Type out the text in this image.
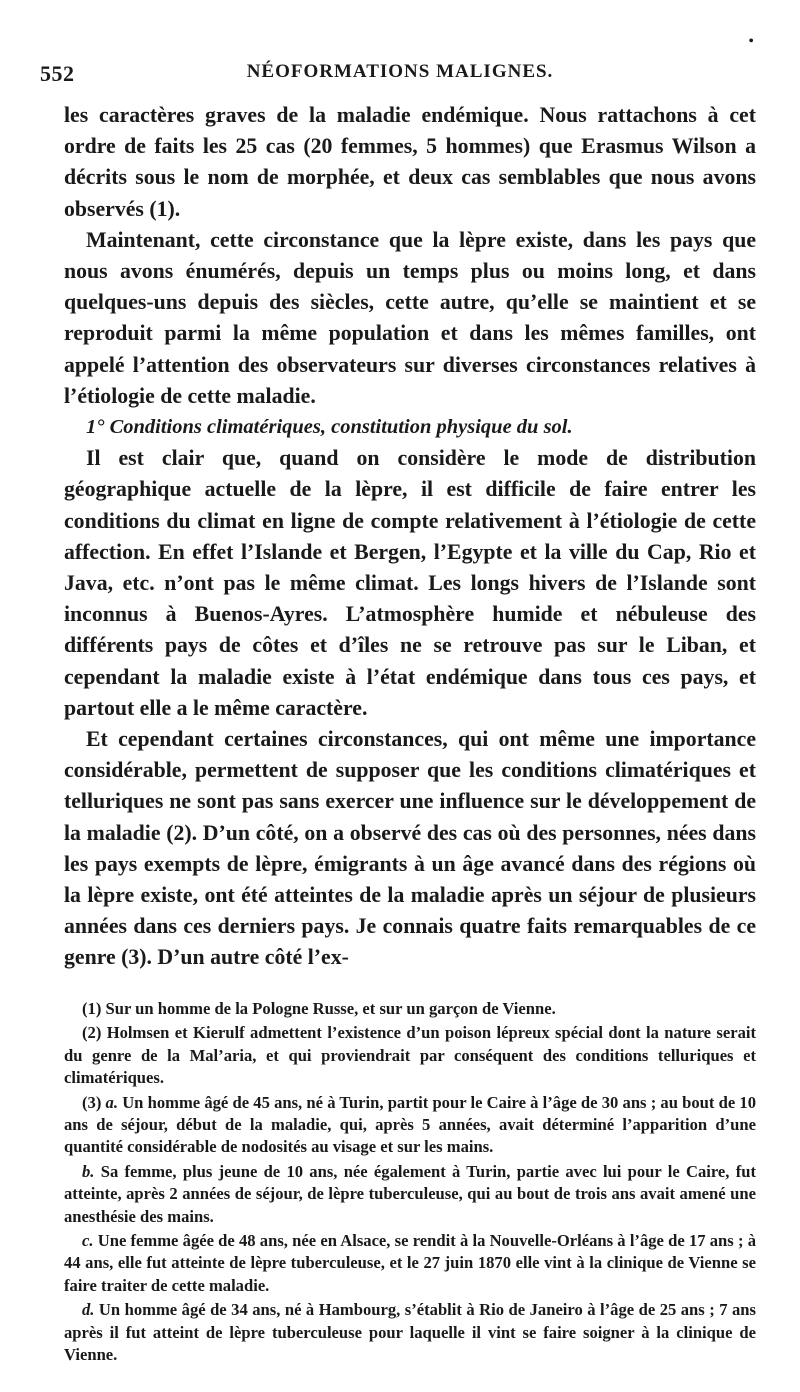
•
552	NÉOFORMATIONS MALIGNES.

les caractères graves de la maladie endémique. Nous rattachons à cet ordre de faits les 25 cas (20 femmes, 5 hommes) que Erasmus Wilson a décrits sous le nom de morphée, et deux cas semblables que nous avons observés (1).

Maintenant, cette circonstance que la lèpre existe, dans les pays que nous avons énumérés, depuis un temps plus ou moins long, et dans quelques-uns depuis des siècles, cette autre, qu’elle se maintient et se reproduit parmi la même population et dans les mêmes familles, ont appelé l’attention des observateurs sur diverses circonstances relatives à l’étiologie de cette maladie.

1° Conditions climatériques, constitution physique du sol.

Il est clair que, quand on considère le mode de distribution géographique actuelle de la lèpre, il est difficile de faire entrer les conditions du climat en ligne de compte relativement à l’étiologie de cette affection. En effet l’Islande et Bergen, l’Egypte et la ville du Cap, Rio et Java, etc. n’ont pas le même climat. Les longs hivers de l’Islande sont inconnus à Buenos-Ayres. L’atmosphère humide et nébuleuse des différents pays de côtes et d’îles ne se retrouve pas sur le Liban, et cependant la maladie existe à l’état endémique dans tous ces pays, et partout elle a le même caractère.

Et cependant certaines circonstances, qui ont même une importance considérable, permettent de supposer que les conditions climatériques et telluriques ne sont pas sans exercer une influence sur le développement de la maladie (2). D’un côté, on a observé des cas où des personnes, nées dans les pays exempts de lèpre, émigrants à un âge avancé dans des régions où la lèpre existe, ont été atteintes de la maladie après un séjour de plusieurs années dans ces derniers pays. Je connais quatre faits remarquables de ce genre (3). D’un autre côté l’ex-

(1) Sur un homme de la Pologne Russe, et sur un garçon de Vienne.

(2) Holmsen et Kierulf admettent l’existence d’un poison lépreux spécial dont la nature serait du genre de la Mal’aria, et qui proviendrait par conséquent des conditions telluriques et climatériques.

(3) a. Un homme âgé de 45 ans, né à Turin, partit pour le Caire à l’âge de 30 ans ; au bout de 10 ans de séjour, début de la maladie, qui, après 5 années, avait déterminé l’apparition d’une quantité considérable de nodosités au visage et sur les mains.

b. Sa femme, plus jeune de 10 ans, née également à Turin, partie avec lui pour le Caire, fut atteinte, après 2 années de séjour, de lèpre tuberculeuse, qui au bout de trois ans avait amené une anesthésie des mains.

c. Une femme âgée de 48 ans, née en Alsace, se rendit à la Nouvelle-Orléans à l’âge de 17 ans ; à 44 ans, elle fut atteinte de lèpre tuberculeuse, et le 27 juin 1870 elle vint à la clinique de Vienne se faire traiter de cette maladie.

d. Un homme âgé de 34 ans, né à Hambourg, s’établit à Rio de Janeiro à l’âge de 25 ans ; 7 ans après il fut atteint de lèpre tuberculeuse pour laquelle il vint se faire soigner à la clinique de Vienne.
